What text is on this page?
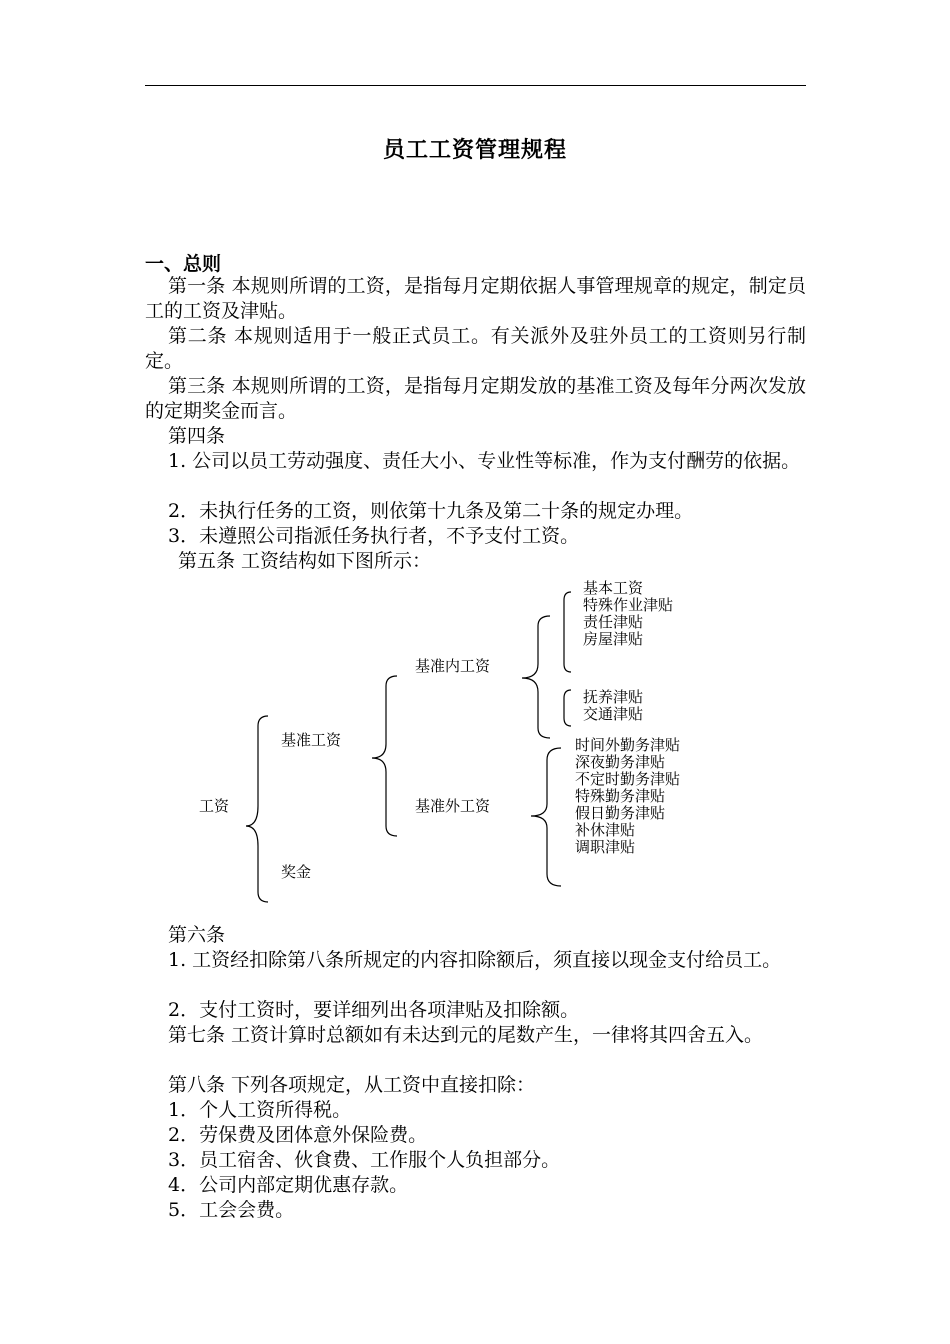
员工工资管理规程
一、总则
第一条 本规则所谓的工资，是指每月定期依据人事管理规章的规定，制定员工的工资及津贴。
第二条 本规则适用于一般正式员工。有关派外及驻外员工的工资则另行制定。
第三条 本规则所谓的工资，是指每月定期发放的基准工资及每年分两次发放的定期奖金而言。
第四条
1. 公司以员工劳动强度、责任大小、专业性等标准，作为支付酬劳的依据。
2．未执行任务的工资，则依第十九条及第二十条的规定办理。
3．未遵照公司指派任务执行者，不予支付工资。
第五条 工资结构如下图所示：
工资
基准工资
奖金
基准内工资
基准外工资
基本工资
特殊作业津贴
责任津贴
房屋津贴
抚养津贴
交通津贴
时间外勤务津贴
深夜勤务津贴
不定时勤务津贴
特殊勤务津贴
假日勤务津贴
补休津贴
调职津贴
第六条
1. 工资经扣除第八条所规定的内容扣除额后，须直接以现金支付给员工。
2．支付工资时，要详细列出各项津贴及扣除额。
第七条 工资计算时总额如有未达到元的尾数产生，一律将其四舍五入。
第八条 下列各项规定，从工资中直接扣除：
1．个人工资所得税。
2．劳保费及团体意外保险费。
3．员工宿舍、伙食费、工作服个人负担部分。
4．公司内部定期优惠存款。
5．工会会费。
